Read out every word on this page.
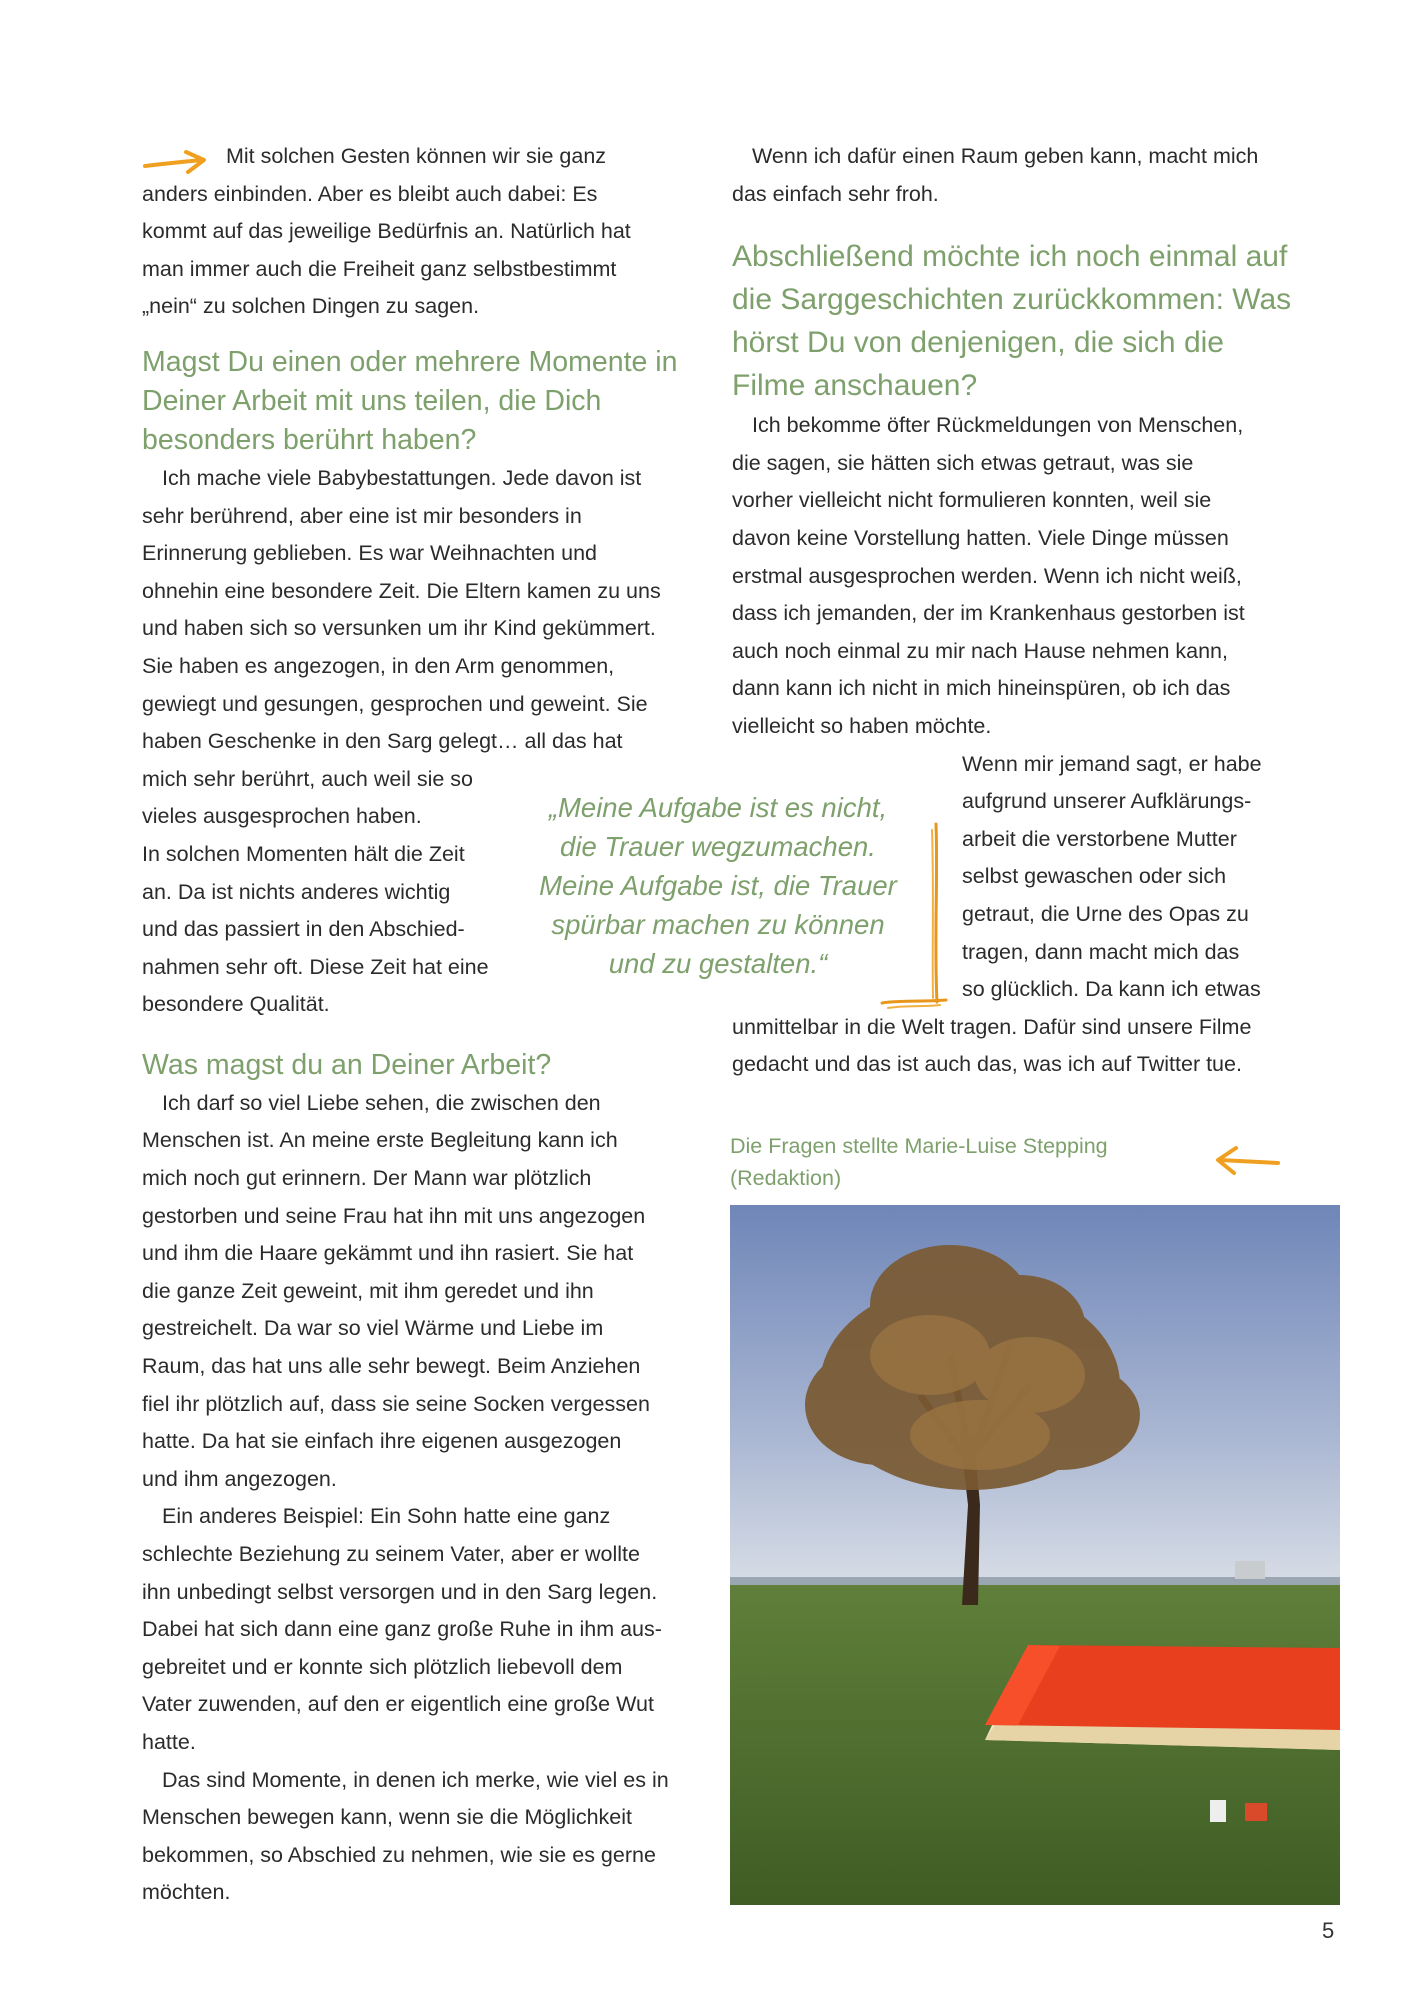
Mit solchen Gesten können wir sie ganz
anders einbinden. Aber es bleibt auch dabei: Es
kommt auf das jeweilige Bedürfnis an. Natürlich hat
man immer auch die Freiheit ganz selbstbestimmt
„nein“ zu solchen Dingen zu sagen.

Magst Du einen oder mehrere Momente in
Deiner Arbeit mit uns teilen, die Dich
besonders berührt haben?

Ich mache viele Babybestattungen. Jede davon ist
sehr berührend, aber eine ist mir besonders in
Erinnerung geblieben. Es war Weihnachten und
ohnehin eine besondere Zeit. Die Eltern kamen zu uns
und haben sich so versunken um ihr Kind gekümmert.
Sie haben es angezogen, in den Arm genommen,
gewiegt und gesungen, gesprochen und geweint. Sie
haben Geschenke in den Sarg gelegt… all das hat
mich sehr berührt, auch weil sie so
vieles ausgesprochen haben.
In solchen Momenten hält die Zeit
an. Da ist nichts anderes wichtig
und das passiert in den Abschied-
nahmen sehr oft. Diese Zeit hat eine
besondere Qualität.

Was magst du an Deiner Arbeit?

Ich darf so viel Liebe sehen, die zwischen den
Menschen ist. An meine erste Begleitung kann ich
mich noch gut erinnern. Der Mann war plötzlich
gestorben und seine Frau hat ihn mit uns angezogen
und ihm die Haare gekämmt und ihn rasiert. Sie hat
die ganze Zeit geweint, mit ihm geredet und ihn
gestreichelt. Da war so viel Wärme und Liebe im
Raum, das hat uns alle sehr bewegt. Beim Anziehen
fiel ihr plötzlich auf, dass sie seine Socken vergessen
hatte. Da hat sie einfach ihre eigenen ausgezogen
und ihm angezogen.

Ein anderes Beispiel: Ein Sohn hatte eine ganz
schlechte Beziehung zu seinem Vater, aber er wollte
ihn unbedingt selbst versorgen und in den Sarg legen.
Dabei hat sich dann eine ganz große Ruhe in ihm aus-
gebreitet und er konnte sich plötzlich liebevoll dem
Vater zuwenden, auf den er eigentlich eine große Wut
hatte.

Das sind Momente, in denen ich merke, wie viel es in
Menschen bewegen kann, wenn sie die Möglichkeit
bekommen, so Abschied zu nehmen, wie sie es gerne
möchten.

Wenn ich dafür einen Raum geben kann, macht mich
das einfach sehr froh.

Abschließend möchte ich noch einmal auf
die Sarggeschichten zurückkommen: Was
hörst Du von denjenigen, die sich die
Filme anschauen?

Ich bekomme öfter Rückmeldungen von Menschen,
die sagen, sie hätten sich etwas getraut, was sie
vorher vielleicht nicht formulieren konnten, weil sie
davon keine Vorstellung hatten. Viele Dinge müssen
erstmal ausgesprochen werden. Wenn ich nicht weiß,
dass ich jemanden, der im Krankenhaus gestorben ist
auch noch einmal zu mir nach Hause nehmen kann,
dann kann ich nicht in mich hineinspüren, ob ich das
vielleicht so haben möchte.

Wenn mir jemand sagt, er habe
aufgrund unserer Aufklärungs-
arbeit die verstorbene Mutter
selbst gewaschen oder sich
getraut, die Urne des Opas zu
tragen, dann macht mich das
so glücklich. Da kann ich etwas

unmittelbar in die Welt tragen. Dafür sind unsere Filme
gedacht und das ist auch das, was ich auf Twitter tue.

„Meine Aufgabe ist es nicht,
die Trauer wegzumachen.
Meine Aufgabe ist, die Trauer
spürbar machen zu können
und zu gestalten.“
Die Fragen stellte Marie-Luise Stepping
(Redaktion)
5
